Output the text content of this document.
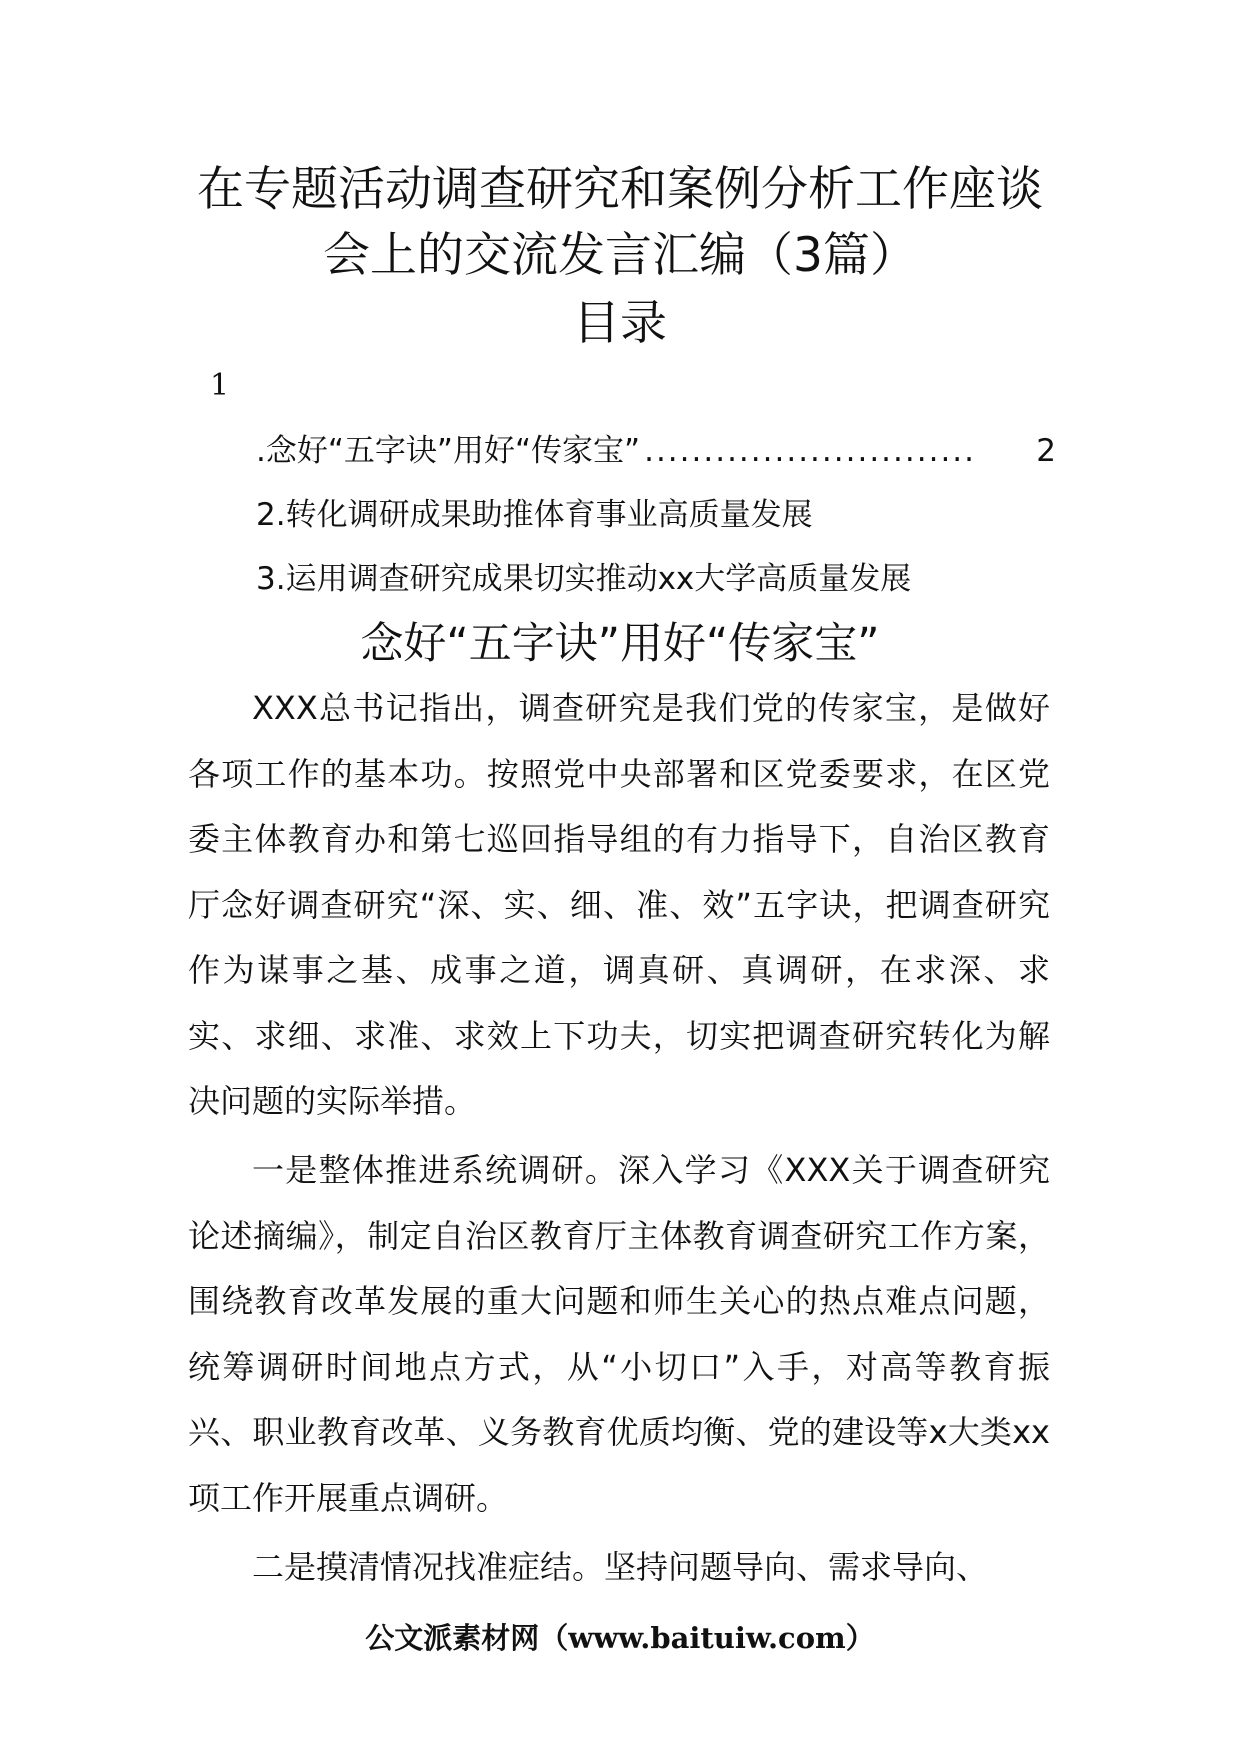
在专题活动调查研究和案例分析工作座谈
会上的交流发言汇编（3篇）
目录
1
.念好“五字诀”用好“传家宝” ............................	2
2.转化调研成果助推体育事业高质量发展
3.运用调查研究成果切实推动xx大学高质量发展
念好“五字诀”用好“传家宝”

XXX总书记指出，调查研究是我们党的传家宝，是做好各项工作的基本功。按照党中央部署和区党委要求，在区党委主体教育办和第七巡回指导组的有力指导下，自治区教育厅念好调查研究“深、实、细、准、效”五字诀，把调查研究作为谋事之基、成事之道，调真研、真调研，在求深、求实、求细、求准、求效上下功夫，切实把调查研究转化为解决问题的实际举措。

一是整体推进系统调研。深入学习《XXX关于调查研究论述摘编》，制定自治区教育厅主体教育调查研究工作方案，围绕教育改革发展的重大问题和师生关心的热点难点问题，统筹调研时间地点方式，从“小切口”入手，对高等教育振兴、职业教育改革、义务教育优质均衡、党的建设等x大类xx项工作开展重点调研。

二是摸清情况找准症结。坚持问题导向、需求导向、

公文派素材网（www.baituiw.com）
